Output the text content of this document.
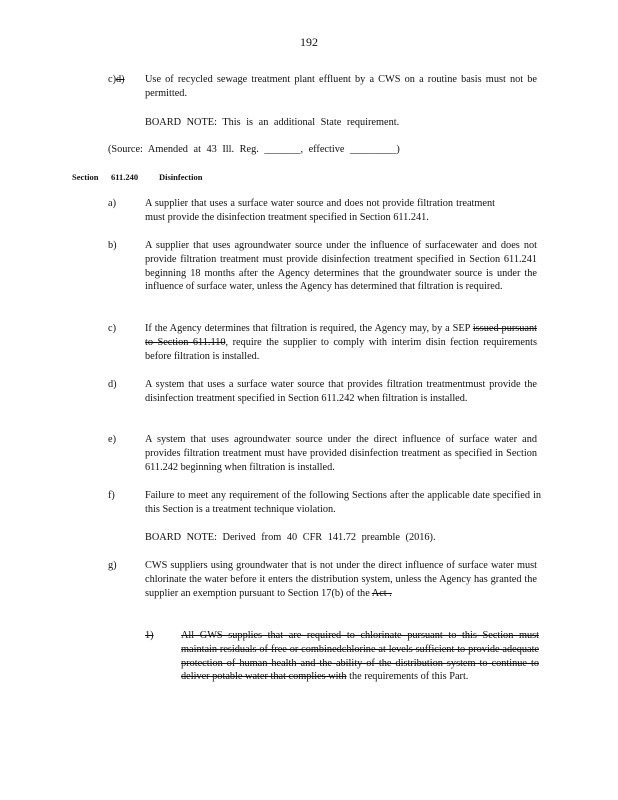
192
c)d) Use of recycled sewage treatment plant effluent by a CWS on a routine basis must not be permitted.
BOARD NOTE: This is an additional State requirement.
(Source: Amended at 43 Ill. Reg. _______, effective _________)
Section 611.240 Disinfection
a)	A supplier that uses a surface water source and does not provide filtration treatment must provide the disinfection treatment specified in Section 611.241.
b)	A supplier that uses agroundwater source under the influence of surfacewater and does not provide filtration treatment must provide disinfection treatment specified in Section 611.241 beginning 18 months after the Agency determines that the groundwater source is under the influence of surface water, unless the Agency has determined that filtration is required.
c)	If the Agency determines that filtration is required, the Agency may, by a SEP issued pursuant to Section 611.110, require the supplier to comply with interim disin fection requirements before filtration is installed.
d)	A system that uses a surface water source that provides filtration treatmentmust provide the disinfection treatment specified in Section 611.242 when filtration is installed.
e)	A system that uses agroundwater source under the direct influence of surface water and provides filtration treatment must have provided disinfection treatment as specified in Section 611.242 beginning when filtration is installed.
f)	Failure to meet any requirement of the following Sections after the applicable date specified in this Section is a treatment technique violation.
BOARD NOTE: Derived from 40 CFR 141.72 preamble (2016).
g)	CWS suppliers using groundwater that is not under the direct influence of surface water must chlorinate the water before it enters the distribution system, unless the Agency has granted the supplier an exemption pursuant to Section 17(b) of the Act .
1)	All GWS supplies that are required to chlorinate pursuant to this Section must maintain residuals of free or combinedchlorine at levels sufficient to provide adequate protection of human health and the ability of the distribution system to continue to deliver potable water that complies with the requirements of this Part.
